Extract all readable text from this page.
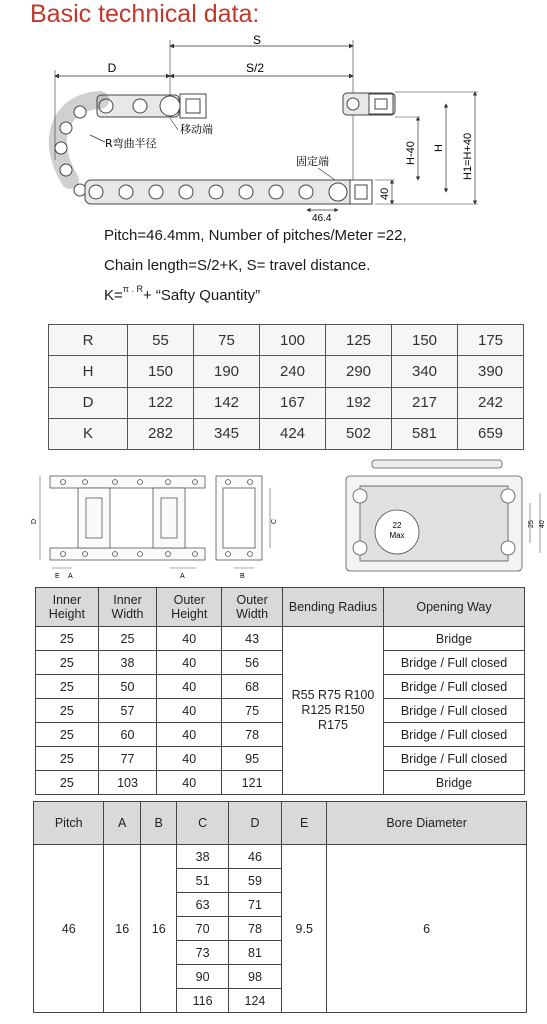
Basic technical data:
S
D	S/2
R弯曲半径
移动端
固定端
46.4
40
H-40 H H1=H+40
Pitch=46.4mm, Number of pitches/Meter =22,
Chain length=S/2+K, S= travel distance.
K=$^{\pi . R}$+ “Safty Quantity”
R	55	75	100	125	150	175
H	150	190	240	290	340	390
D	122	142	167	192	217	242
K	282	345	424	502	581	659
D
E A	A
C
B
22
Max
25 40
Inner Height	Inner Width	Outer Height	Outer Width	Bending Radius	Opening Way
25	25	40	43	R55 R75 R100 R125 R150 R175	Bridge
25	38	40	56		Bridge / Full closed
25	50	40	68		Bridge / Full closed
25	57	40	75		Bridge / Full closed
25	60	40	78		Bridge / Full closed
25	77	40	95		Bridge / Full closed
25	103	40	121		Bridge
Pitch	A	B	C	D	E	Bore Diameter
46	16	16	38	46	9.5	6
			51	59		
			63	71		
			70	78		
			73	81		
			90	98		
			116	124		
